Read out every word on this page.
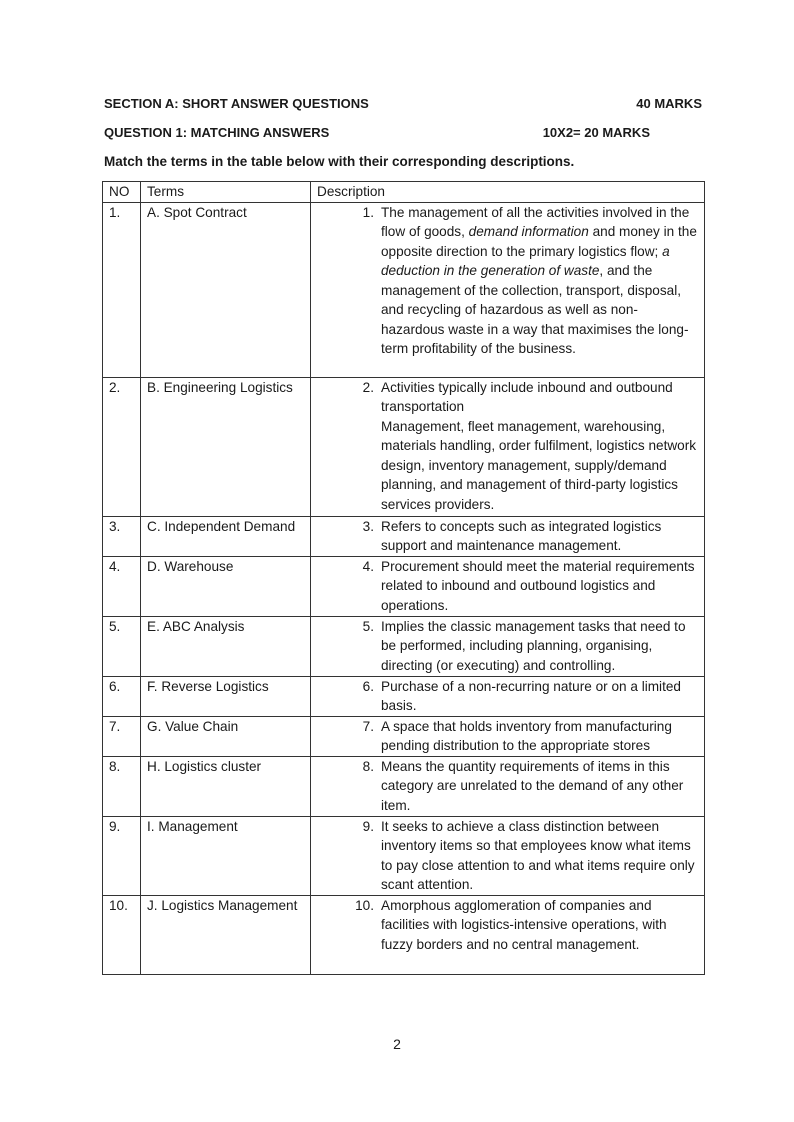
SECTION A: SHORT ANSWER QUESTIONS	40 MARKS
QUESTION 1: MATCHING ANSWERS	10X2= 20 MARKS
Match the terms in the table below with their corresponding descriptions.
NO	Terms	Description
1.	A. Spot Contract	1. The management of all the activities involved in the flow of goods, demand information and money in the opposite direction to the primary logistics flow; a deduction in the generation of waste, and the management of the collection, transport, disposal, and recycling of hazardous as well as non-hazardous waste in a way that maximises the long-term profitability of the business.

2.	B. Engineering Logistics	2. Activities typically include inbound and outbound transportation
Management, fleet management, warehousing, materials handling, order fulfilment, logistics network design, inventory management, supply/demand planning, and management of third-party logistics services providers.

3.	C. Independent Demand	3. Refers to concepts such as integrated logistics support and maintenance management.

4.	D. Warehouse	4. Procurement should meet the material requirements related to inbound and outbound logistics and operations.

5.	E. ABC Analysis	5. Implies the classic management tasks that need to be performed, including planning, organising, directing (or executing) and controlling.

6.	F. Reverse Logistics	6. Purchase of a non-recurring nature or on a limited basis.

7.	G. Value Chain	7. A space that holds inventory from manufacturing pending distribution to the appropriate stores

8.	H. Logistics cluster	8. Means the quantity requirements of items in this category are unrelated to the demand of any other item.

9.	I. Management	9. It seeks to achieve a class distinction between inventory items so that employees know what items to pay close attention to and what items require only scant attention.

10.	J. Logistics Management	10. Amorphous agglomeration of companies and facilities with logistics-intensive operations, with fuzzy borders and no central management.
2
